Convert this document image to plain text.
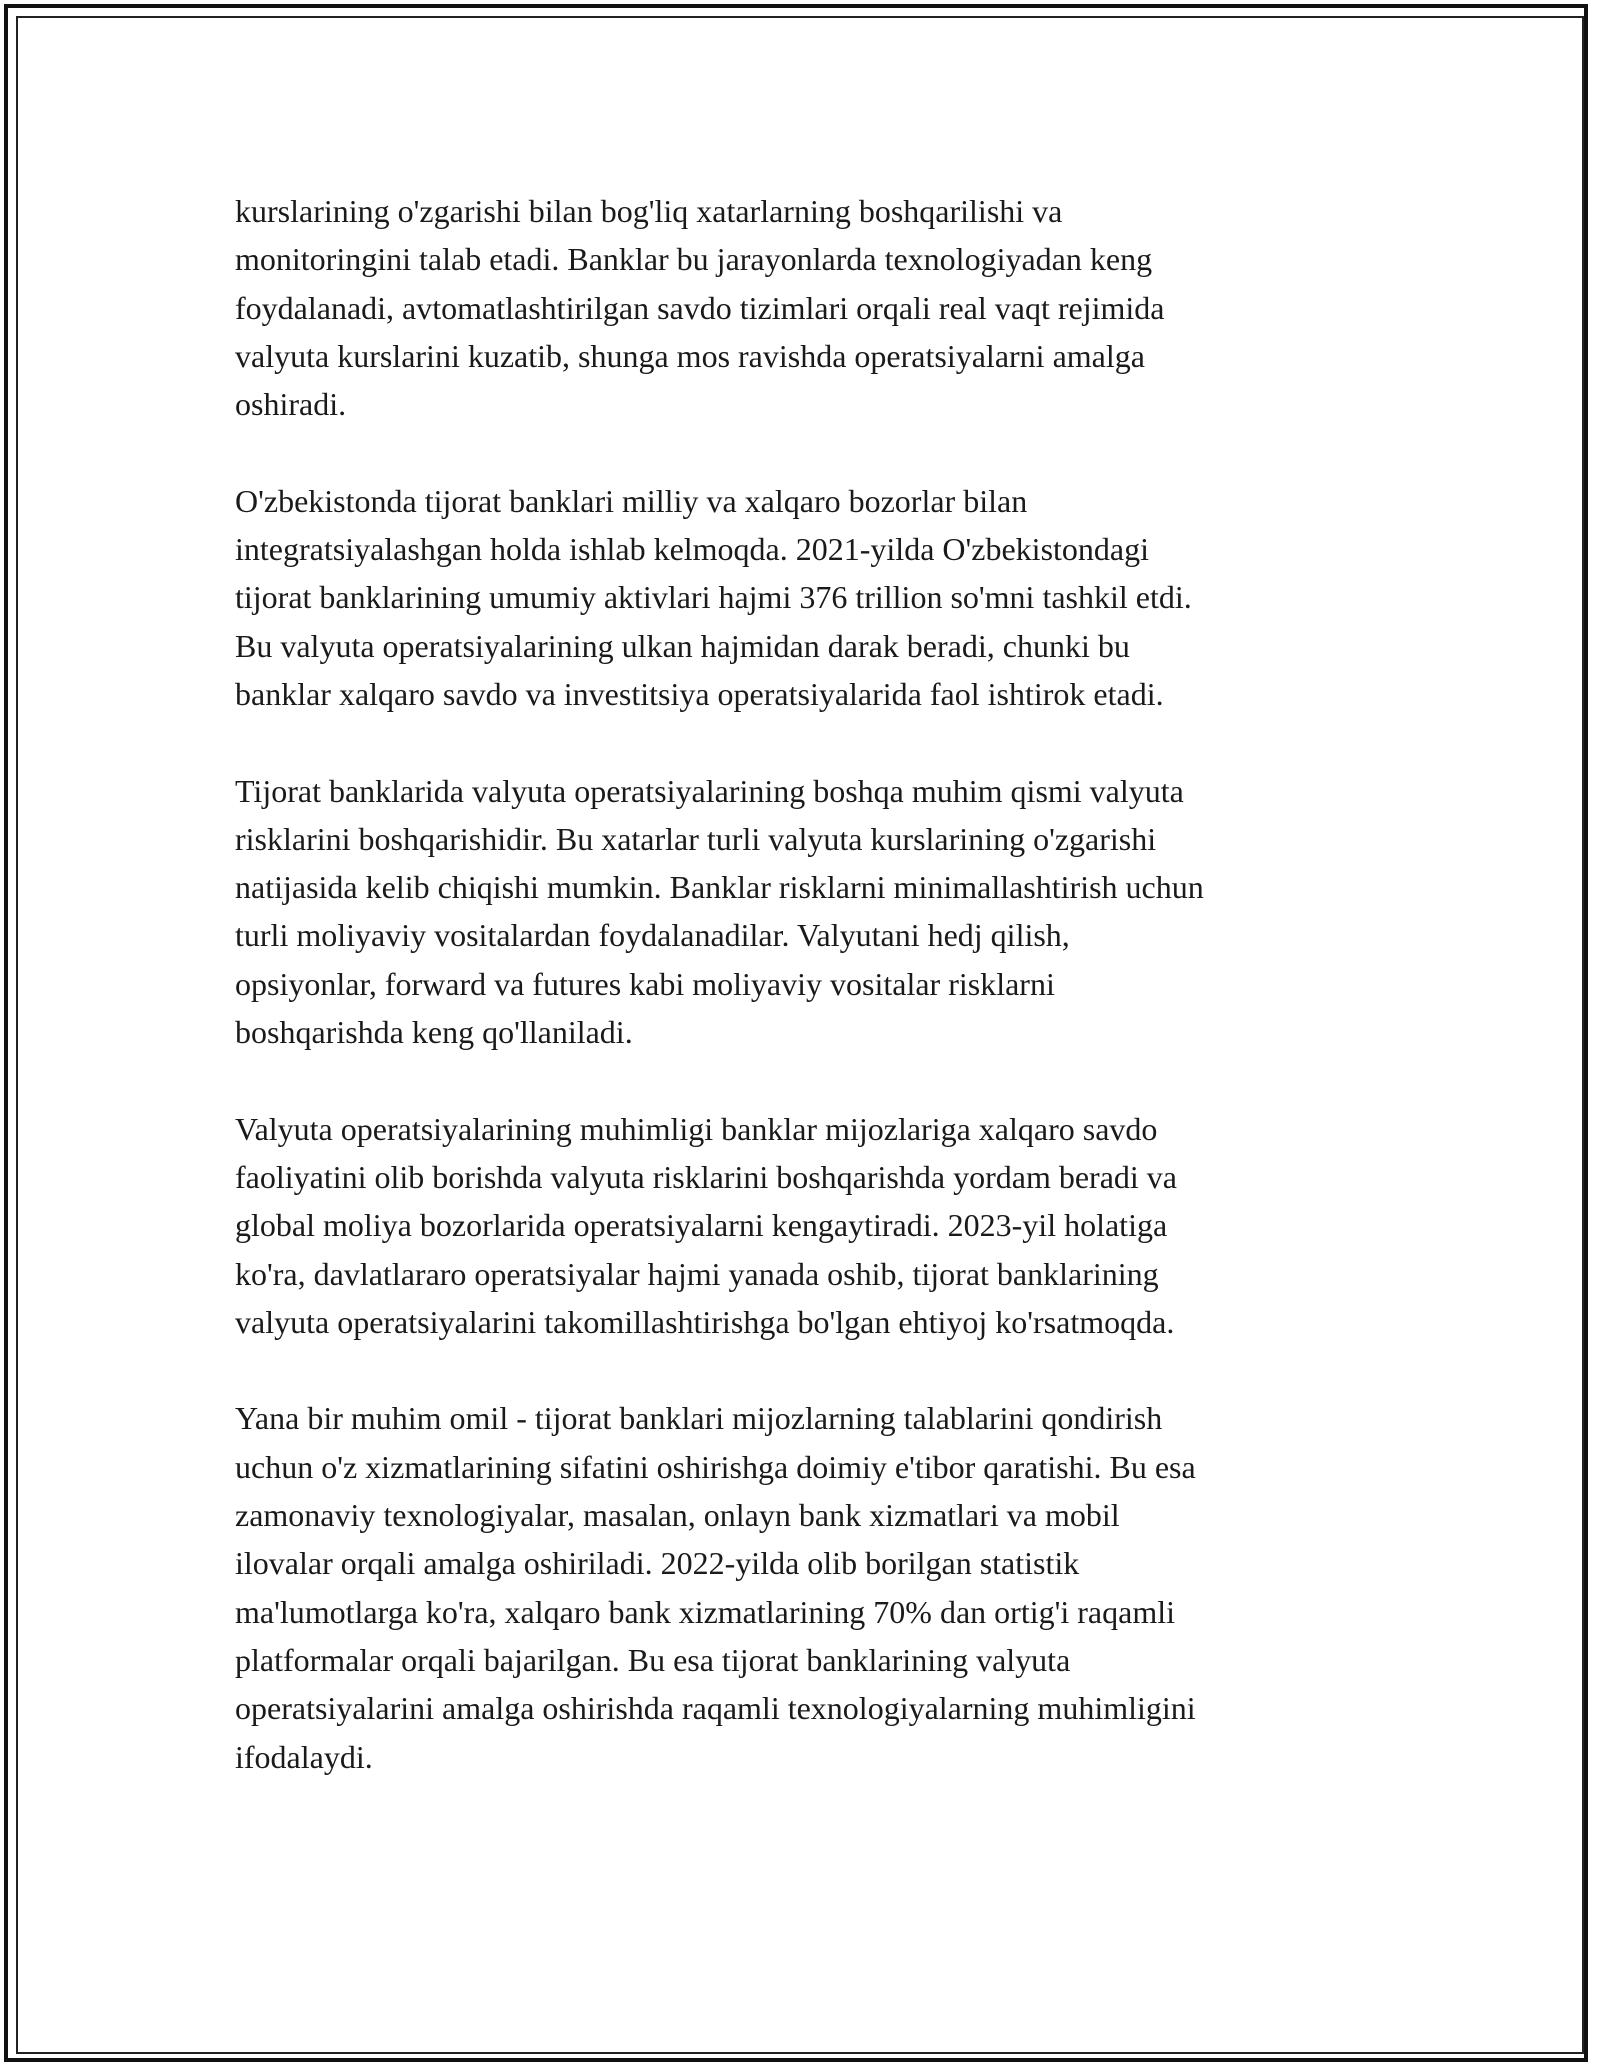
kurslarining o'zgarishi bilan bog'liq xatarlarning boshqarilishi va
monitoringini talab etadi. Banklar bu jarayonlarda texnologiyadan keng
foydalanadi, avtomatlashtirilgan savdo tizimlari orqali real vaqt rejimida
valyuta kurslarini kuzatib, shunga mos ravishda operatsiyalarni amalga
oshiradi.

O'zbekistonda tijorat banklari milliy va xalqaro bozorlar bilan
integratsiyalashgan holda ishlab kelmoqda. 2021-yilda O'zbekistondagi
tijorat banklarining umumiy aktivlari hajmi 376 trillion so'mni tashkil etdi.
Bu valyuta operatsiyalarining ulkan hajmidan darak beradi, chunki bu
banklar xalqaro savdo va investitsiya operatsiyalarida faol ishtirok etadi.

Tijorat banklarida valyuta operatsiyalarining boshqa muhim qismi valyuta
risklarini boshqarishidir. Bu xatarlar turli valyuta kurslarining o'zgarishi
natijasida kelib chiqishi mumkin. Banklar risklarni minimallashtirish uchun
turli moliyaviy vositalardan foydalanadilar. Valyutani hedj qilish,
opsiyonlar, forward va futures kabi moliyaviy vositalar risklarni
boshqarishda keng qo'llaniladi.

Valyuta operatsiyalarining muhimligi banklar mijozlariga xalqaro savdo
faoliyatini olib borishda valyuta risklarini boshqarishda yordam beradi va
global moliya bozorlarida operatsiyalarni kengaytiradi. 2023-yil holatiga
ko'ra, davlatlararo operatsiyalar hajmi yanada oshib, tijorat banklarining
valyuta operatsiyalarini takomillashtirishga bo'lgan ehtiyoj ko'rsatmoqda.

Yana bir muhim omil - tijorat banklari mijozlarning talablarini qondirish
uchun o'z xizmatlarining sifatini oshirishga doimiy e'tibor qaratishi. Bu esa
zamonaviy texnologiyalar, masalan, onlayn bank xizmatlari va mobil
ilovalar orqali amalga oshiriladi. 2022-yilda olib borilgan statistik
ma'lumotlarga ko'ra, xalqaro bank xizmatlarining 70% dan ortig'i raqamli
platformalar orqali bajarilgan. Bu esa tijorat banklarining valyuta
operatsiyalarini amalga oshirishda raqamli texnologiyalarning muhimligini
ifodalaydi.
